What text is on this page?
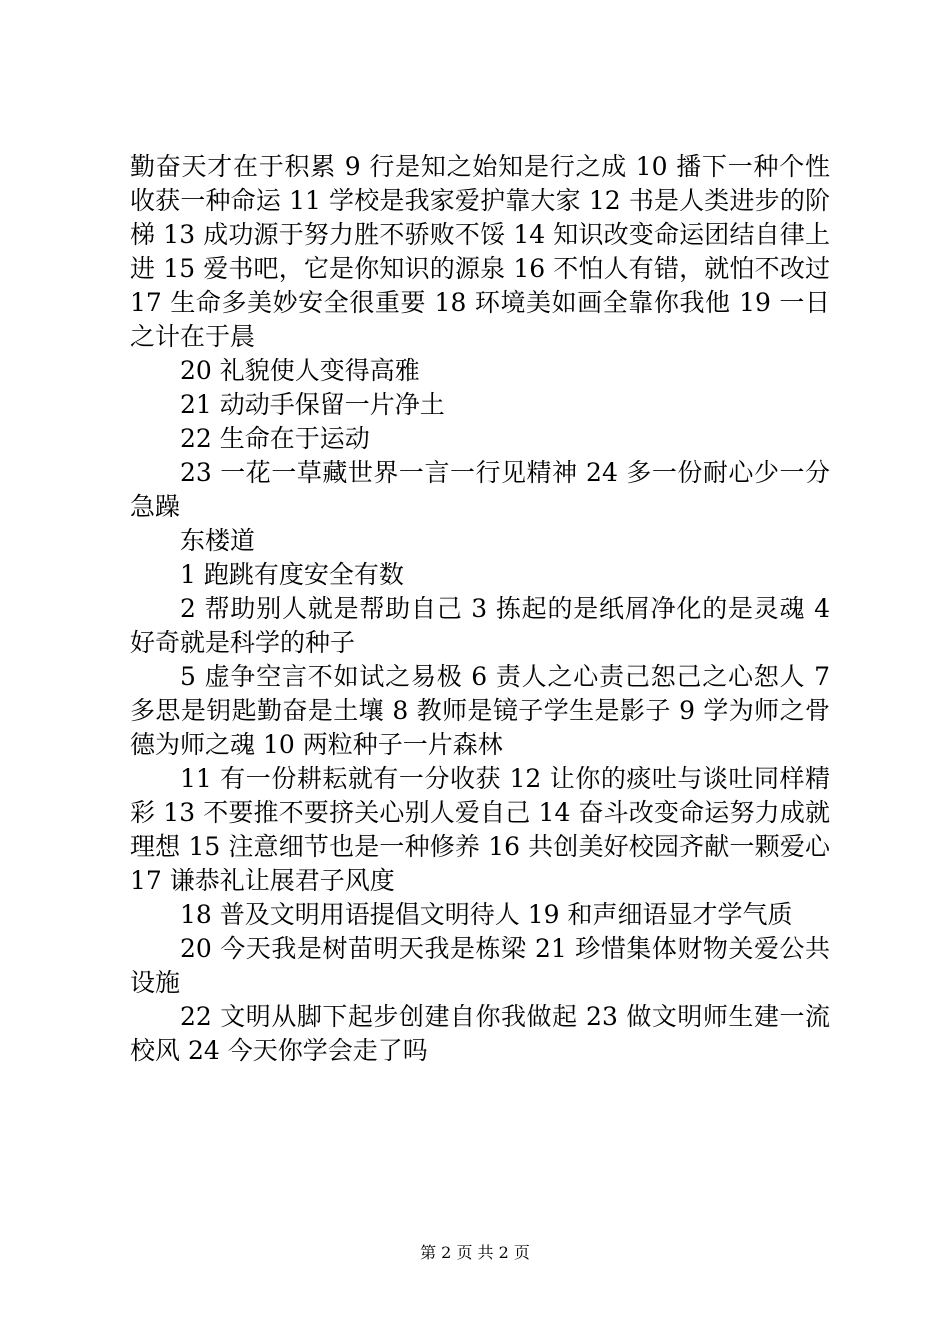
勤奋天才在于积累 9 行是知之始知是行之成 10 播下一种个性收获一种命运 11 学校是我家爱护靠大家 12 书是人类进步的阶梯 13 成功源于努力胜不骄败不馁 14 知识改变命运团结自律上进 15 爱书吧，它是你知识的源泉 16 不怕人有错，就怕不改过 17 生命多美妙安全很重要 18 环境美如画全靠你我他 19 一日之计在于晨

20 礼貌使人变得高雅

21 动动手保留一片净土

22 生命在于运动

23 一花一草藏世界一言一行见精神 24 多一份耐心少一分急躁

东楼道

1 跑跳有度安全有数

2 帮助别人就是帮助自己 3 拣起的是纸屑净化的是灵魂 4 好奇就是科学的种子

5 虚争空言不如试之易极 6 责人之心责己恕己之心恕人 7 多思是钥匙勤奋是土壤 8 教师是镜子学生是影子 9 学为师之骨德为师之魂 10 两粒种子一片森林

11 有一份耕耘就有一分收获 12 让你的痰吐与谈吐同样精彩 13 不要推不要挤关心别人爱自己 14 奋斗改变命运努力成就理想 15 注意细节也是一种修养 16 共创美好校园齐献一颗爱心 17 谦恭礼让展君子风度

18 普及文明用语提倡文明待人 19 和声细语显才学气质

20 今天我是树苗明天我是栋梁 21 珍惜集体财物关爱公共设施

22 文明从脚下起步创建自你我做起 23 做文明师生建一流校风 24 今天你学会走了吗

第 2 页 共 2 页
